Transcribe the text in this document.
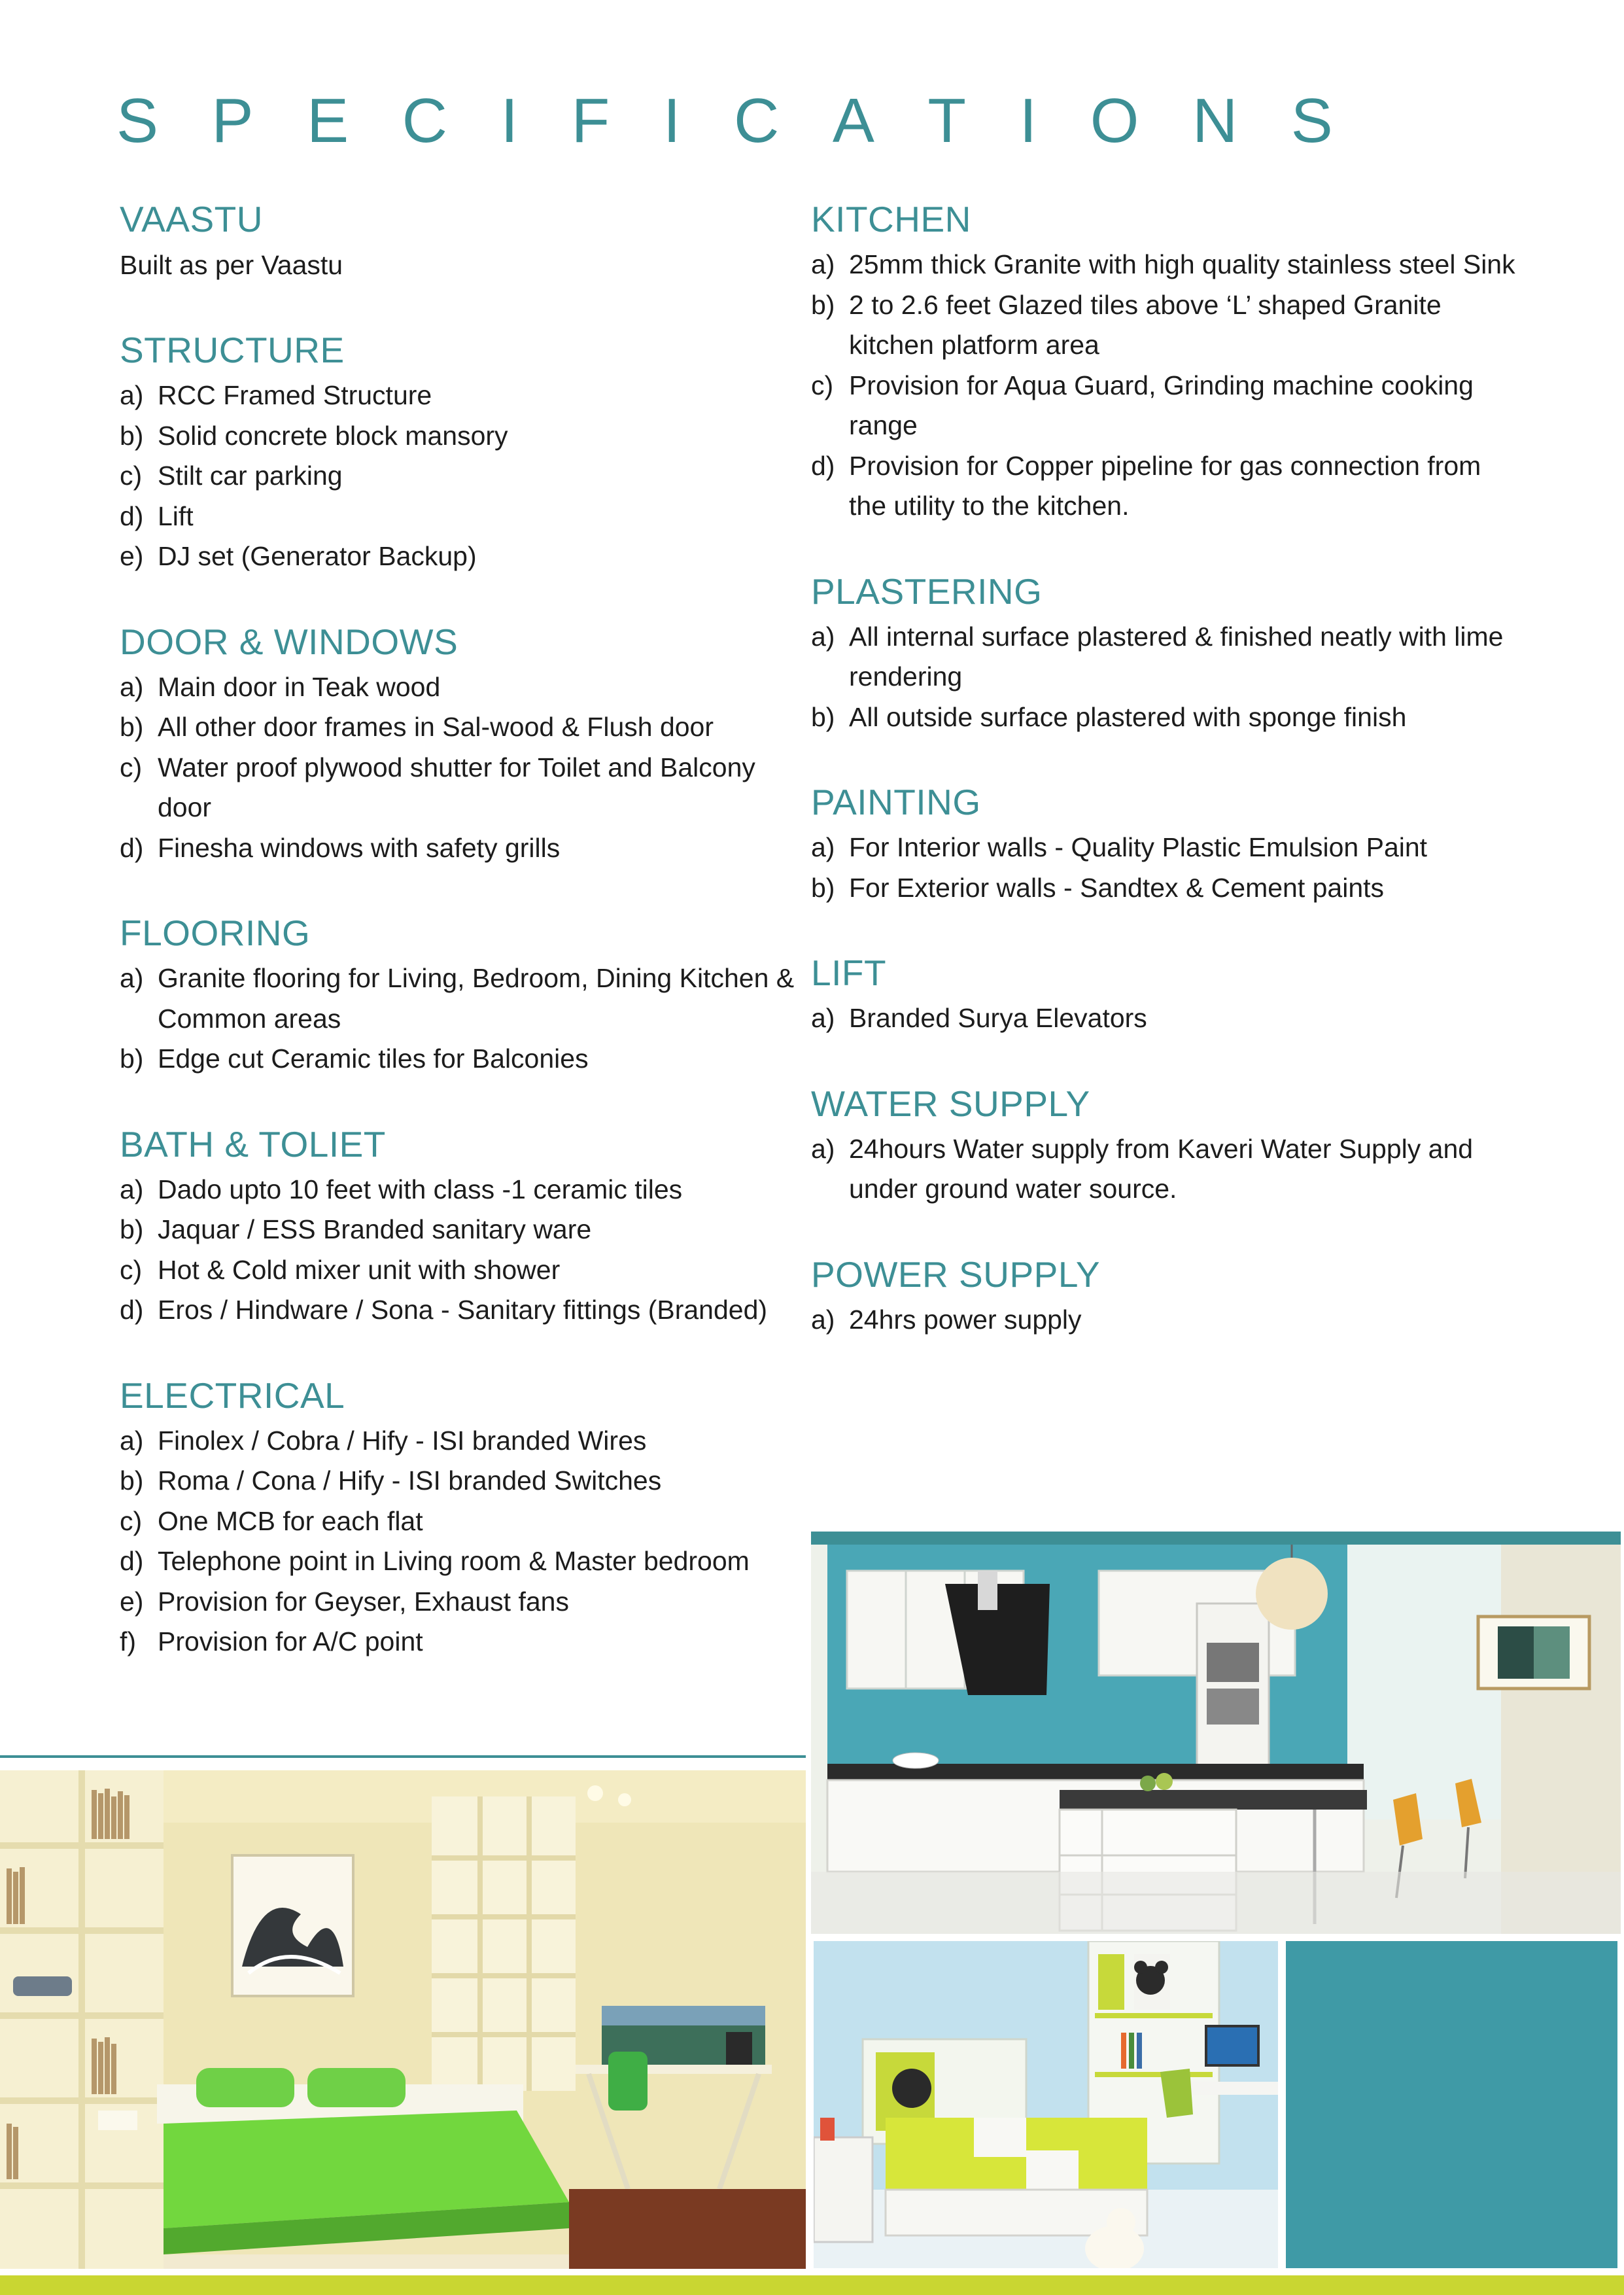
S P E C I F I C A T I O N S
VAASTU

Built as per Vaastu

STRUCTURE
a) RCC Framed Structure
b) Solid concrete block mansory
c) Stilt car parking
d) Lift
e) DJ set (Generator Backup)
DOOR & WINDOWS
a) Main door in Teak wood
b) All other door frames in Sal-wood & Flush door
c) Water proof plywood shutter for Toilet and Balcony door
d) Finesha windows with safety grills
FLOORING
a) Granite flooring for Living, Bedroom, Dining Kitchen & Common areas
b) Edge cut Ceramic tiles for Balconies
BATH & TOLIET
a) Dado upto 10 feet with class -1 ceramic tiles
b) Jaquar / ESS Branded sanitary ware
c) Hot & Cold mixer unit with shower
d) Eros / Hindware / Sona - Sanitary fittings (Branded)
ELECTRICAL
a) Finolex / Cobra / Hify - ISI branded Wires
b) Roma / Cona / Hify - ISI branded Switches
c) One MCB for each flat
d) Telephone point in Living room & Master bedroom
e) Provision for Geyser, Exhaust fans
f) Provision for A/C point
KITCHEN
a) 25mm thick Granite with high quality stainless steel Sink
b) 2 to 2.6 feet Glazed tiles above ‘L’ shaped Granite kitchen platform area
c) Provision for Aqua Guard, Grinding machine cooking range
d) Provision for Copper pipeline for gas connection from the utility to the kitchen.
PLASTERING
a) All internal surface plastered & finished neatly with lime rendering
b) All outside surface plastered with sponge finish
PAINTING
a) For Interior walls - Quality Plastic Emulsion Paint
b) For Exterior walls - Sandtex & Cement paints
LIFT
a) Branded Surya Elevators
WATER SUPPLY
a) 24hours Water supply from Kaveri Water Supply and under ground water source.
POWER SUPPLY
a) 24hrs power supply
